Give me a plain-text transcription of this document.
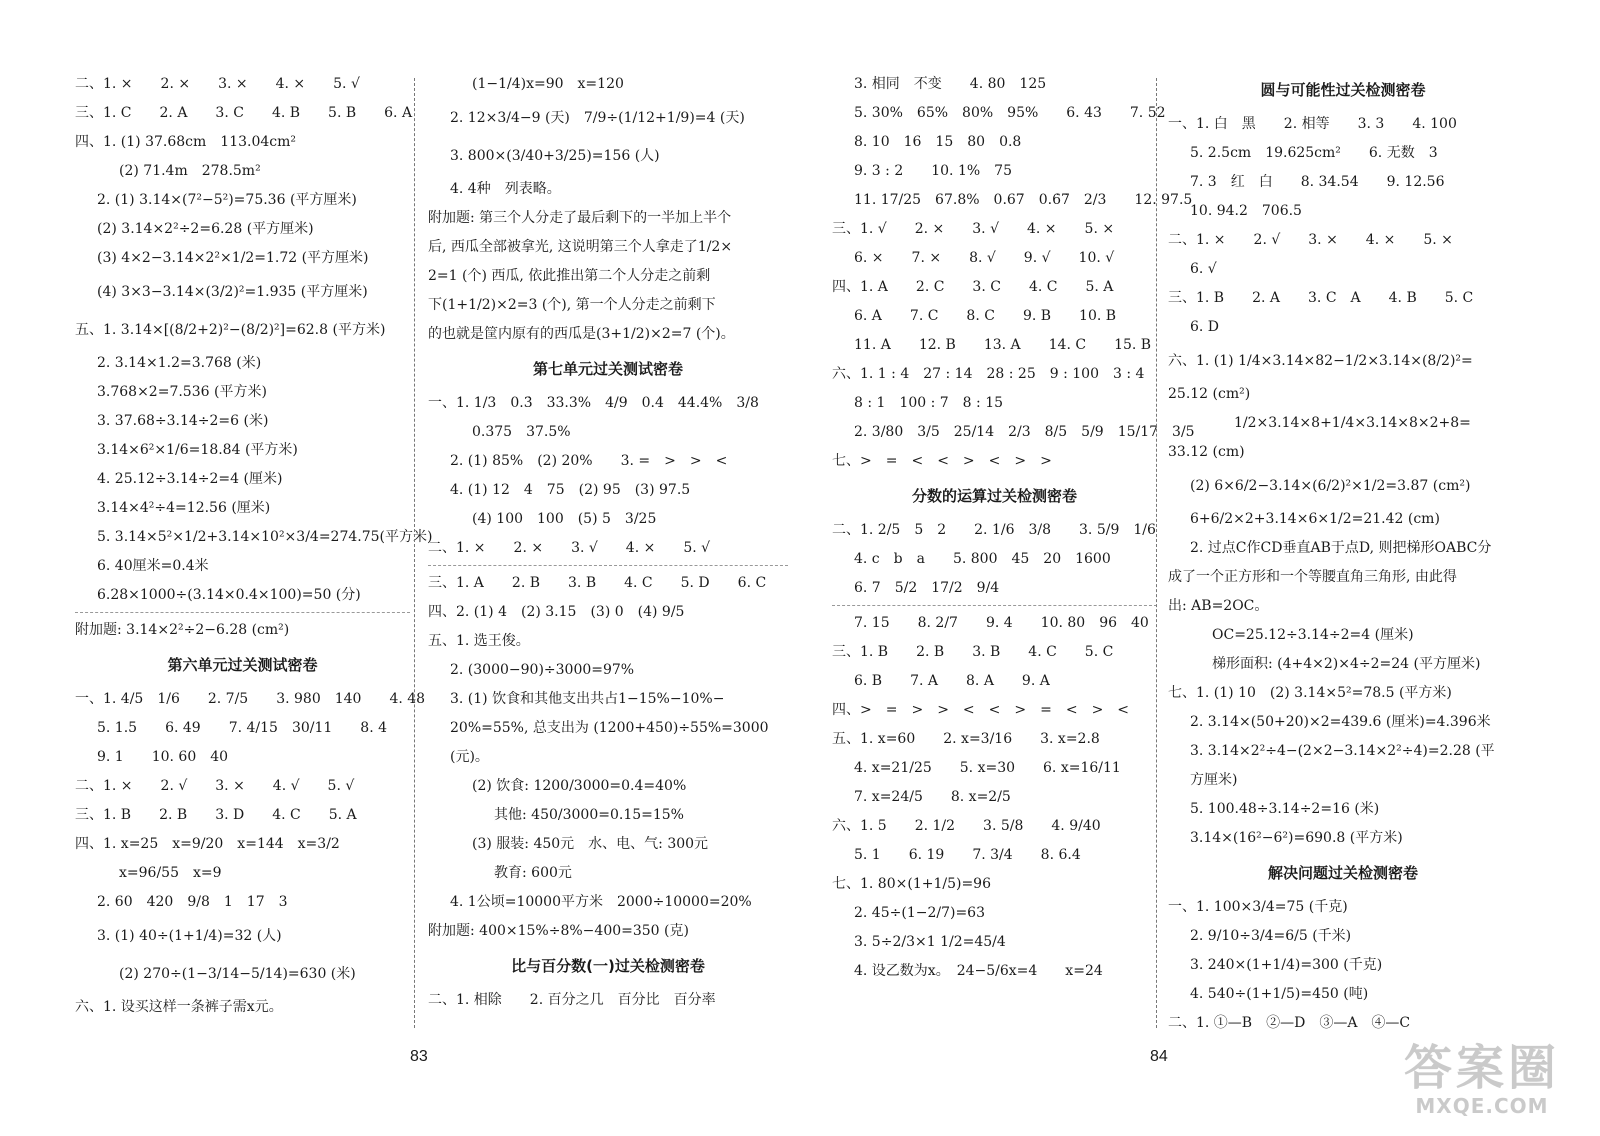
二、1. ×　　2. ×　　3. ×　　4. ×　　5. √
三、1. C　　2. A　　3. C　　4. B　　5. B　　6. A
四、1. (1) 37.68cm　113.04cm²
(2) 71.4m　278.5m²
2. (1) 3.14×(7²−5²)=75.36 (平方厘米)
(2) 3.14×2²÷2=6.28 (平方厘米)
(3) 4×2−3.14×2²×1/2=1.72 (平方厘米)
(4) 3×3−3.14×(3/2)²=1.935 (平方厘米)
五、1. 3.14×[(8/2+2)²−(8/2)²]=62.8 (平方米)
2. 3.14×1.2=3.768 (米)
3.768×2=7.536 (平方米)
3. 37.68÷3.14÷2=6 (米)
3.14×6²×1/6=18.84 (平方米)
4. 25.12÷3.14÷2=4 (厘米)
3.14×4²÷4=12.56 (厘米)
5. 3.14×5²×1/2+3.14×10²×3/4=274.75(平方米)
6. 40厘米=0.4米
6.28×1000÷(3.14×0.4×100)=50 (分)
附加题: 3.14×2²÷2−6.28 (cm²)
第六单元过关测试密卷
一、1. 4/5　1/6　　2. 7/5　　3. 980　140　　4. 48
5. 1.5　　6. 49　　7. 4/15　30/11　　8. 4
9. 1　　10. 60　40
二、1. ×　　2. √　　3. ×　　4. √　　5. √
三、1. B　　2. B　　3. D　　4. C　　5. A
四、1. x=25　x=9/20　x=144　x=3/2
x=96/55　x=9
2. 60　420　9/8　1　17　3
3. (1) 40÷(1+1/4)=32 (人)
(2) 270÷(1−3/14−5/14)=630 (米)
六、1. 设买这样一条裤子需x元。
(1−1/4)x=90　x=120
2. 12×3/4−9 (天)　7/9÷(1/12+1/9)=4 (天)
3. 800×(3/40+3/25)=156 (人)
4. 4种　列表略。
附加题: 第三个人分走了最后剩下的一半加上半个
后, 西瓜全部被拿光, 这说明第三个人拿走了1/2×
2=1 (个) 西瓜, 依此推出第二个人分走之前剩
下(1+1/2)×2=3 (个), 第一个人分走之前剩下
的也就是筐内原有的西瓜是(3+1/2)×2=7 (个)。
第七单元过关测试密卷
一、1. 1/3　0.3̇　33.3%　4/9　0.4̇　44.4%　3/8
0.375　37.5%
2. (1) 85%　(2) 20%　　3. =　>　>　<
4. (1) 12　4　75　(2) 95　(3) 97.5
(4) 100　100　(5) 5　3/25
二、1. ×　　2. ×　　3. √　　4. ×　　5. √
三、1. A　　2. B　　3. B　　4. C　　5. D　　6. C
四、2. (1) 4　(2) 3.15　(3) 0　(4) 9/5
五、1. 选王俊。
2. (3000−90)÷3000=97%
3. (1) 饮食和其他支出共占1−15%−10%−
20%=55%, 总支出为 (1200+450)÷55%=3000
(元)。
(2) 饮食: 1200/3000=0.4=40%
其他: 450/3000=0.15=15%
(3) 服装: 450元　水、电、气: 300元
教育: 600元
4. 1公顷=10000平方米　2000÷10000=20%
附加题: 400×15%÷8%−400=350 (克)
比与百分数(一)过关检测密卷
二、1. 相除　　2. 百分之几　百分比　百分率
83
3. 相同　不变　　4. 80　125
5. 30%　65%　80%　95%　　6. 43　　7. 52
8. 10　16　15　80　0.8
9. 3 : 2　　10. 1%　75
11. 17/25　67.8%　0.67̇　0.6̇7̇　2/3　　12. 97.5
三、1. √　　2. ×　　3. √　　4. ×　　5. ×
6. ×　　7. ×　　8. √　　9. √　　10. √
四、1. A　　2. C　　3. C　　4. C　　5. A
6. A　　7. C　　8. C　　9. B　　10. B
11. A　　12. B　　13. A　　14. C　　15. B
六、1. 1 : 4　27 : 14　28 : 25　9 : 100　3 : 4
8 : 1　100 : 7　8 : 15
2. 3/80　3/5　25/14　2/3　8/5　5/9　15/17　3/5
七、>　=　<　<　>　<　>　>
分数的运算过关检测密卷
二、1. 2/5　5　2　　2. 1/6　3/8　　3. 5/9　1/6
4. c　b　a　　5. 800　45　20　1600
6. 7　5/2　17/2　9/4
7. 15　　8. 2/7　　9. 4　　10. 80　96　40
三、1. B　　2. B　　3. B　　4. C　　5. C
6. B　　7. A　　8. A　　9. A
四、>　=　>　>　<　<　>　=　<　>　<
五、1. x=60　　2. x=3/16　　3. x=2.8
4. x=21/25　　5. x=30　　6. x=16/11
7. x=24/5　　8. x=2/5
六、1. 5　　2. 1/2　　3. 5/8　　4. 9/40
5. 1　　6. 19　　7. 3/4　　8. 6.4
七、1. 80×(1+1/5)=96
2. 45÷(1−2/7)=63
3. 5÷2/3×1 1/2=45/4
4. 设乙数为x。　24−5/6x=4　　x=24
圆与可能性过关检测密卷
一、1. 白　黑　　2. 相等　　3. 3　　4. 100
5. 2.5cm　19.625cm²　　6. 无数　3
7. 3　红　白　　8. 34.54　　9. 12.56
10. 94.2　706.5
二、1. ×　　2. √　　3. ×　　4. ×　　5. ×
6. √
三、1. B　　2. A　　3. C　A　　4. B　　5. C
6. D
六、1. (1) 1/4×3.14×82−1/2×3.14×(8/2)²=
25.12 (cm²)
1/2×3.14×8+1/4×3.14×8×2+8=
33.12 (cm)
(2) 6×6/2−3.14×(6/2)²×1/2=3.87 (cm²)
6+6/2×2+3.14×6×1/2=21.42 (cm)
2. 过点C作CD垂直AB于点D, 则把梯形OABC分
成了一个正方形和一个等腰直角三角形, 由此得
出: AB=2OC。
OC=25.12÷3.14÷2=4 (厘米)
梯形面积: (4+4×2)×4÷2=24 (平方厘米)
七、1. (1) 10　(2) 3.14×5²=78.5 (平方米)
2. 3.14×(50+20)×2=439.6 (厘米)=4.396米
3. 3.14×2²÷4−(2×2−3.14×2²÷4)=2.28 (平
方厘米)
5. 100.48÷3.14÷2=16 (米)
3.14×(16²−6²)=690.8 (平方米)
解决问题过关检测密卷
一、1. 100×3/4=75 (千克)
2. 9/10÷3/4=6/5 (千米)
3. 240×(1+1/4)=300 (千克)
4. 540÷(1+1/5)=450 (吨)
二、1. ①—B　②—D　③—A　④—C
84	答案圈
MXQE.COM
